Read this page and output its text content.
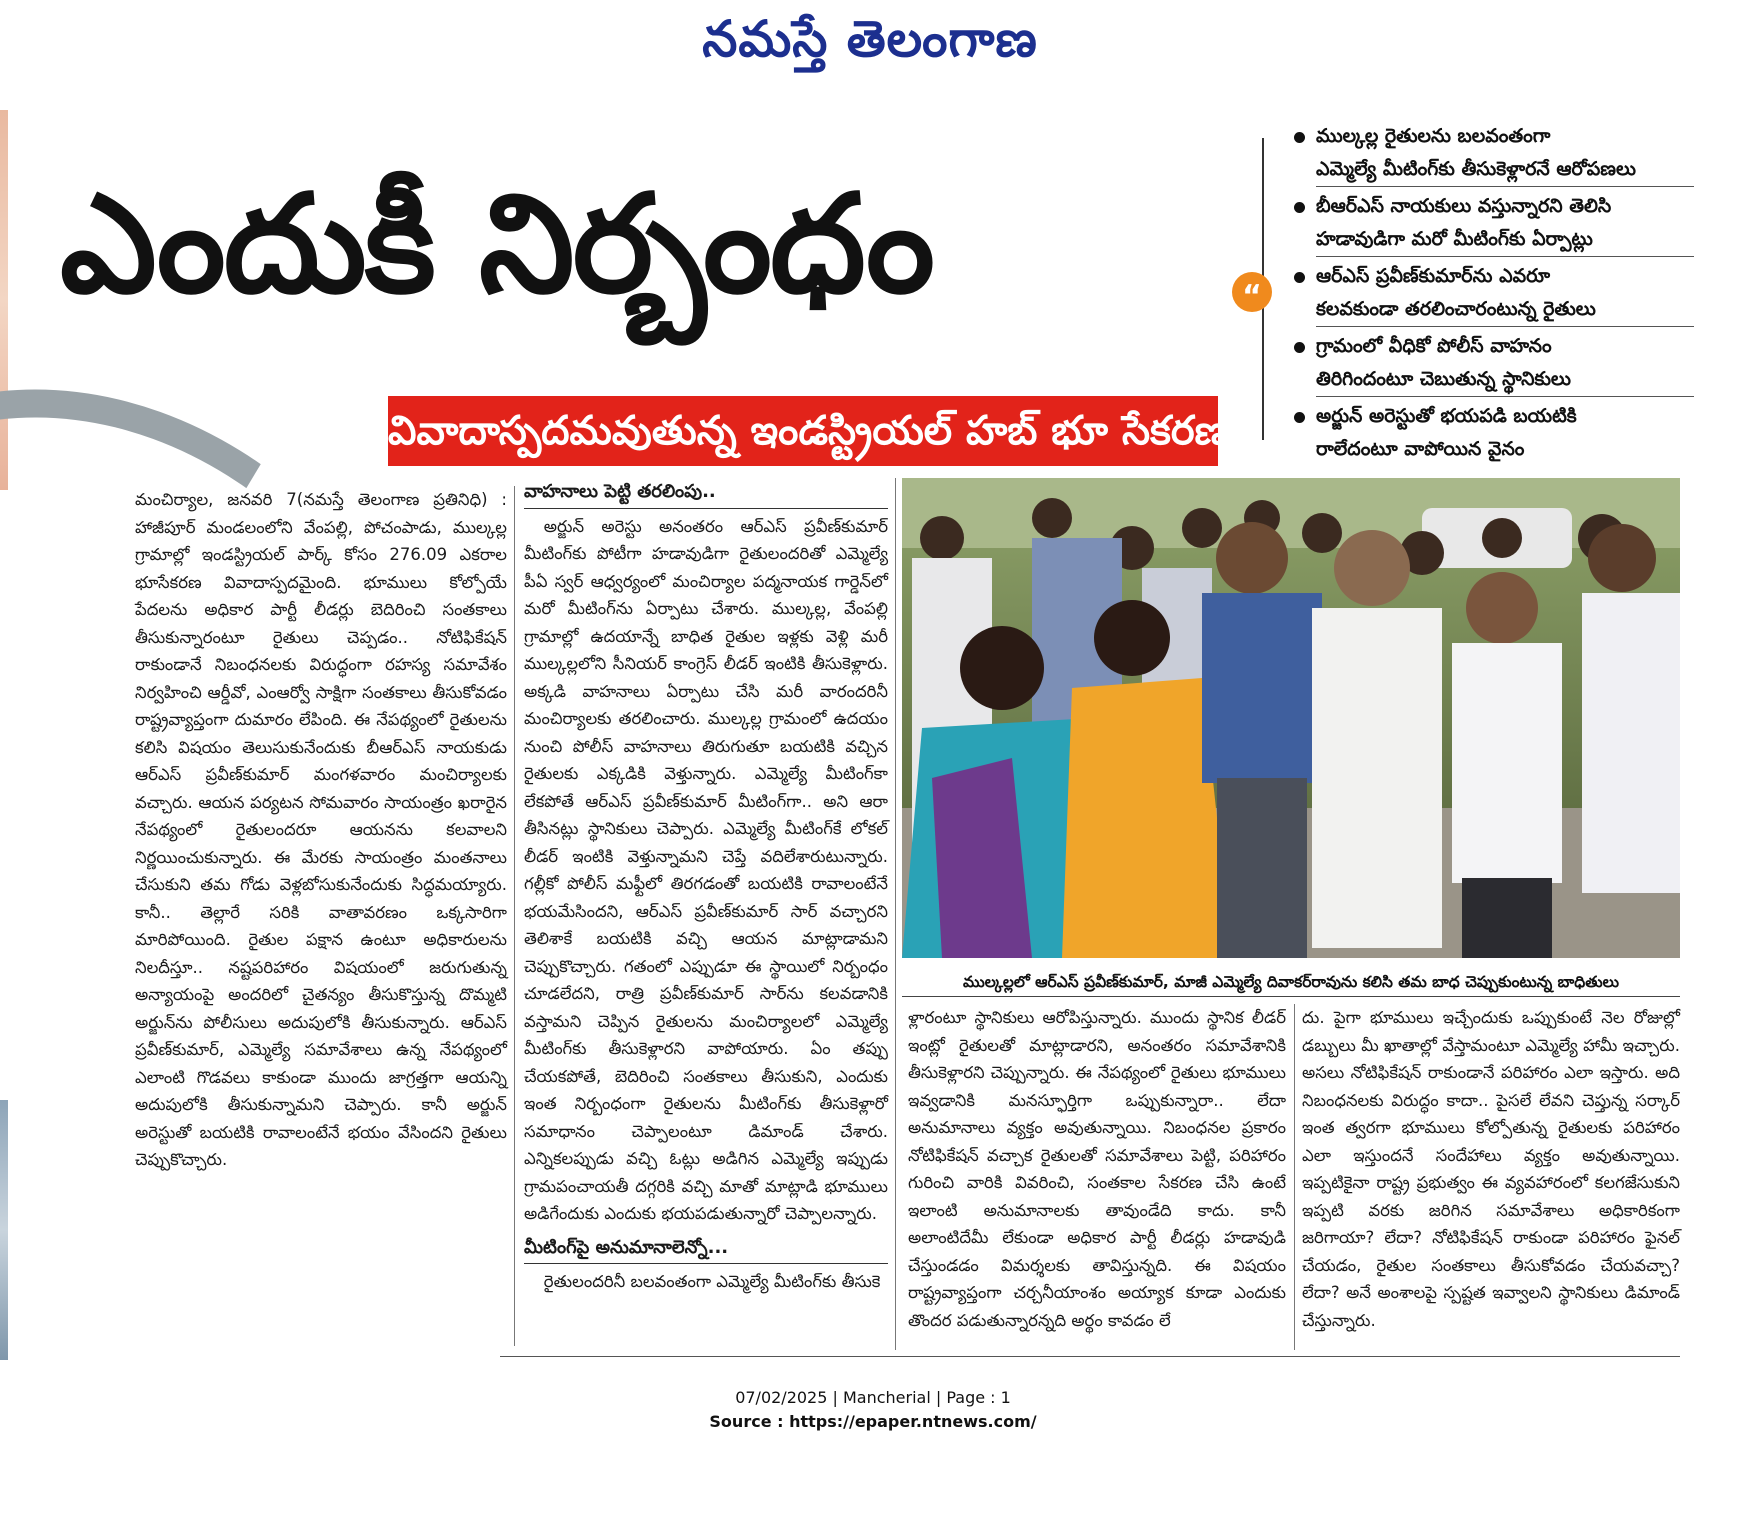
నమస్తే తెలంగాణ
ఎందుకీ నిర్బంధం	“
ముల్కల్ల రైతులను బలవంతంగా
ఎమ్మెల్యే మీటింగ్‌కు తీసుకెళ్లారనే ఆరోపణలు
బీఆర్ఎస్ నాయకులు వస్తున్నారని తెలిసి
హడావుడిగా మరో మీటింగ్‌కు ఏర్పాట్లు
ఆర్ఎస్ ప్రవీణ్‌కుమార్‌ను ఎవరూ
కలవకుండా తరలించారంటున్న రైతులు
గ్రామంలో వీధికో పోలీస్ వాహనం
తిరిగిందంటూ చెబుతున్న స్థానికులు
అర్జున్ అరెస్టుతో భయపడి బయటికి
రాలేదంటూ వాపోయిన వైనం
వివాదాస్పదమవుతున్న ఇండస్ట్రియల్ హబ్ భూ సేకరణ

మంచిర్యాల, జనవరి 7(నమస్తే తెలంగాణ ప్రతినిధి) : హాజీపూర్ మండలంలోని వేంపల్లి, పోచంపాడు, ముల్కల్ల గ్రామాల్లో ఇండస్ట్రియల్ పార్క్ కోసం 276.09 ఎకరాల భూసేకరణ వివాదాస్పదమైంది. భూములు కోల్పోయే పేదలను అధికార పార్టీ లీడర్లు బెదిరించి సంతకాలు తీసుకున్నారంటూ రైతులు చెప్పడం.. నోటిఫికేషన్ రాకుండానే నిబంధనలకు విరుద్ధంగా రహస్య సమావేశం నిర్వహించి ఆర్డీవో, ఎంఆర్వో సాక్షిగా సంతకాలు తీసుకోవడం రాష్ట్రవ్యాప్తంగా దుమారం లేపింది. ఈ నేపథ్యంలో రైతులను కలిసి విషయం తెలుసుకునేందుకు బీఆర్ఎస్ నాయకుడు ఆర్ఎస్ ప్రవీణ్‌కుమార్ మంగళవారం మంచిర్యాలకు వచ్చారు. ఆయన పర్యటన సోమవారం సాయంత్రం ఖరారైన నేపథ్యంలో రైతులందరూ ఆయనను కలవాలని నిర్ణయించుకున్నారు. ఈ మేరకు సాయంత్రం మంతనాలు చేసుకుని తమ గోడు వెళ్లబోసుకునేందుకు సిద్ధమయ్యారు. కానీ.. తెల్లారే సరికి వాతావరణం ఒక్కసారిగా మారిపోయింది. రైతుల పక్షాన ఉంటూ అధికారులను నిలదీస్తూ.. నష్టపరిహారం విషయంలో జరుగుతున్న అన్యాయంపై అందరిలో చైతన్యం తీసుకొస్తున్న దొమ్మటి అర్జున్‌ను పోలీసులు అదుపులోకి తీసుకున్నారు. ఆర్ఎస్ ప్రవీణ్‌కుమార్, ఎమ్మెల్యే సమావేశాలు ఉన్న నేపథ్యంలో ఎలాంటి గొడవలు కాకుండా ముందు జాగ్రత్తగా ఆయన్ని అదుపులోకి తీసుకున్నామని చెప్పారు. కానీ అర్జున్ అరెస్టుతో బయటికి రావాలంటేనే భయం వేసిందని రైతులు చెప్పుకొచ్చారు.

వాహనాలు పెట్టి తరలింపు..

అర్జున్ అరెస్టు అనంతరం ఆర్ఎస్ ప్రవీణ్‌కుమార్ మీటింగ్‌కు పోటీగా హడావుడిగా రైతులందరితో ఎమ్మెల్యే పీఏ స్వర్ ఆధ్వర్యంలో మంచిర్యాల పద్మనాయక గార్డెన్‌లో మరో మీటింగ్‌ను ఏర్పాటు చేశారు. ముల్కల్ల, వేంపల్లి గ్రామాల్లో ఉదయాన్నే బాధిత రైతుల ఇళ్లకు వెళ్లి మరీ ముల్కల్లలోని సీనియర్ కాంగ్రెస్ లీడర్ ఇంటికి తీసుకెళ్లారు. అక్కడి వాహనాలు ఏర్పాటు చేసి మరీ వారందరినీ మంచిర్యాలకు తరలించారు. ముల్కల్ల గ్రామంలో ఉదయం నుంచి పోలీస్ వాహనాలు తిరుగుతూ బయటికి వచ్చిన రైతులకు ఎక్కడికి వెళ్తున్నారు. ఎమ్మెల్యే మీటింగ్‌కా లేకపోతే ఆర్ఎస్ ప్రవీణ్‌కుమార్ మీటింగ్‌గా.. అని ఆరా తీసినట్లు స్థానికులు చెప్పారు. ఎమ్మెల్యే మీటింగ్‌కే లోకల్ లీడర్ ఇంటికి వెళ్తున్నామని చెప్తే వదిలేశారుటున్నారు. గల్లీకో పోలీస్ మఫ్టీలో తిరగడంతో బయటికి రావాలంటేనే భయమేసిందని, ఆర్ఎస్ ప్రవీణ్‌కుమార్ సార్ వచ్చారని తెలిశాకే బయటికి వచ్చి ఆయన మాట్లాడామని చెప్పుకొచ్చారు. గతంలో ఎప్పుడూ ఈ స్థాయిలో నిర్బంధం చూడలేదని, రాత్రి ప్రవీణ్‌కుమార్ సార్‌ను కలవడానికి వస్తామని చెప్పిన రైతులను మంచిర్యాలలో ఎమ్మెల్యే మీటింగ్‌కు తీసుకెళ్లారని వాపోయారు. ఏం తప్పు చేయకపోతే, బెదిరించి సంతకాలు తీసుకుని, ఎందుకు ఇంత నిర్బంధంగా రైతులను మీటింగ్‌కు తీసుకెళ్లారో సమాధానం చెప్పాలంటూ డిమాండ్ చేశారు. ఎన్నికలప్పుడు వచ్చి ఓట్లు అడిగిన ఎమ్మెల్యే ఇప్పుడు గ్రామపంచాయతీ దగ్గరికి వచ్చి మాతో మాట్లాడి భూములు అడిగేందుకు ఎందుకు భయపడుతున్నారో చెప్పాలన్నారు.

మీటింగ్‌పై అనుమానాలెన్నో...

రైతులందరినీ బలవంతంగా ఎమ్మెల్యే మీటింగ్‌కు తీసుకె

ముల్కల్లలో ఆర్ఎస్ ప్రవీణ్‌కుమార్, మాజీ ఎమ్మెల్యే దివాకర్‌రావును కలిసి తమ బాధ చెప్పుకుంటున్న బాధితులు

ళ్లారంటూ స్థానికులు ఆరోపిస్తున్నారు. ముందు స్థానిక లీడర్ ఇంట్లో రైతులతో మాట్లాడారని, అనంతరం సమావేశానికి తీసుకెళ్లారని చెప్పున్నారు. ఈ నేపథ్యంలో రైతులు భూములు ఇవ్వడానికి మనస్ఫూర్తిగా ఒప్పుకున్నారా.. లేదా అనుమానాలు వ్యక్తం అవుతున్నాయి. నిబంధనల ప్రకారం నోటిఫికేషన్ వచ్చాక రైతులతో సమావేశాలు పెట్టి, పరిహారం గురించి వారికి వివరించి, సంతకాల సేకరణ చేసి ఉంటే ఇలాంటి అనుమానాలకు తావుండేది కాదు. కానీ అలాంటిదేమీ లేకుండా అధికార పార్టీ లీడర్లు హడావుడి చేస్తుండడం విమర్శలకు తావిస్తున్నది. ఈ విషయం రాష్ట్రవ్యాప్తంగా చర్చనీయాంశం అయ్యాక కూడా ఎందుకు తొందర పడుతున్నారన్నది అర్థం కావడం లే

దు. పైగా భూములు ఇచ్చేందుకు ఒప్పుకుంటే నెల రోజుల్లో డబ్బులు మీ ఖాతాల్లో వేస్తామంటూ ఎమ్మెల్యే హామీ ఇచ్చారు. అసలు నోటిఫికేషన్ రాకుండానే పరిహారం ఎలా ఇస్తారు. అది నిబంధనలకు విరుద్ధం కాదా.. పైసలే లేవని చెప్తున్న సర్కార్ ఇంత త్వరగా భూములు కోల్పోతున్న రైతులకు పరిహారం ఎలా ఇస్తుందనే సందేహాలు వ్యక్తం అవుతున్నాయి. ఇప్పటికైనా రాష్ట్ర ప్రభుత్వం ఈ వ్యవహారంలో కలగజేసుకుని ఇప్పటి వరకు జరిగిన సమావేశాలు అధికారికంగా జరిగాయా? లేదా? నోటిఫికేషన్ రాకుండా పరిహారం ఫైనల్ చేయడం, రైతుల సంతకాలు తీసుకోవడం చేయవచ్చా? లేదా? అనే అంశాలపై స్పష్టత ఇవ్వాలని స్థానికులు డిమాండ్ చేస్తున్నారు.

07/02/2025 | Mancherial | Page : 1
Source : https://epaper.ntnews.com/
